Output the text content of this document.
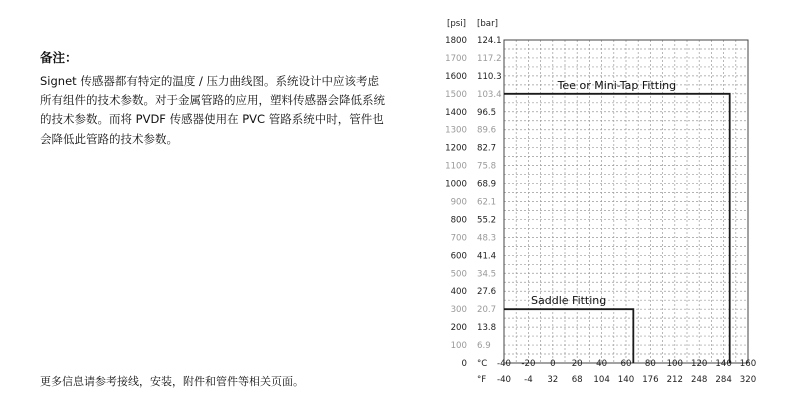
备注：

Signet 传感器都有特定的温度 / 压力曲线图。系统设计中应该考虑所有组件的技术参数。对于金属管路的应用，塑料传感器会降低系统的技术参数。而将 PVDF 传感器使用在 PVC 管路系统中时，管件也会降低此管路的技术参数。

更多信息请参考接线，安装，附件和管件等相关页面。
0
100 6.9
200 13.8
300 20.7
400 27.6
500 34.5
600 41.4
700 48.3
800 55.2
900 62.1
1000 68.9
1100 75.8
1200 82.7
1300 89.6
1400 96.5
1500 103.4
1600 110.3
1700 117.2
1800 124.1
[psi] [bar]
°C
°F
-40
-40
-20
-4
0
32
20
68
40
104
60
140
80
176
100
212
120
248
140
284
160
320
Tee or Mini-Tap Fitting
Saddle Fitting
